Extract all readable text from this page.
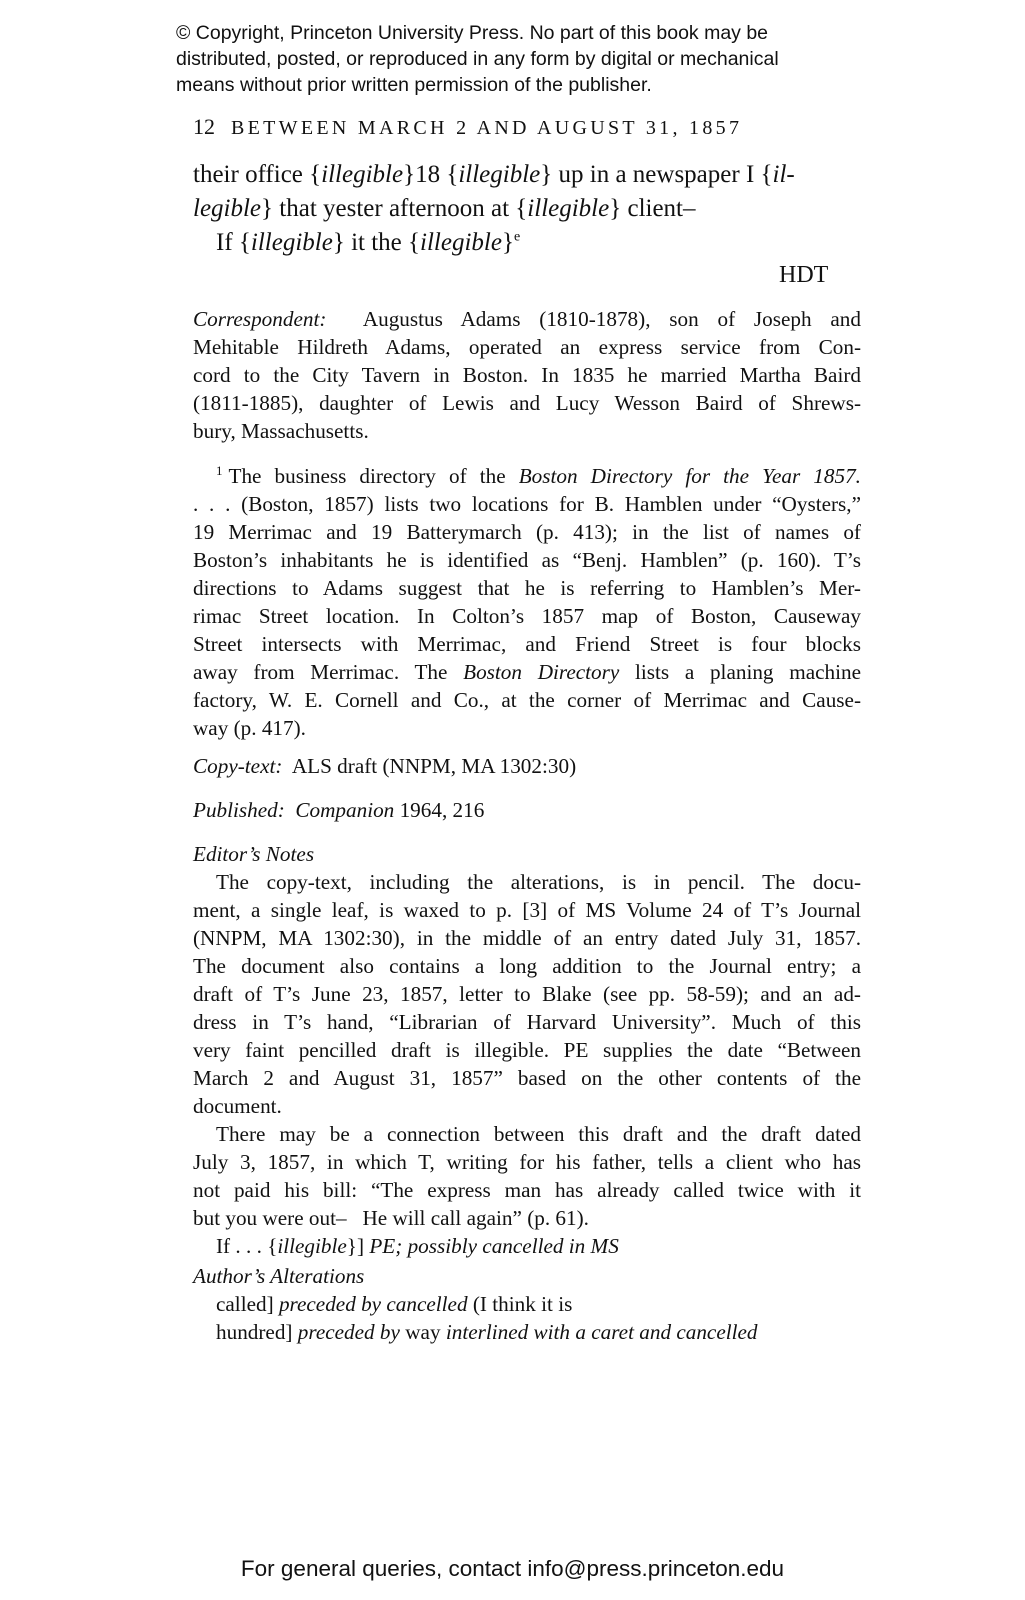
© Copyright, Princeton University Press. No part of this book may be
distributed, posted, or reproduced in any form by digital or mechanical
means without prior written permission of the publisher.
12 BETWEEN MARCH 2 AND AUGUST 31, 1857
their office {illegible}18 {illegible} up in a newspaper I {il-
legible} that yester afternoon at {illegible} client–
If {illegible} it the {illegible}$^e$
HDT
Correspondent: Augustus Adams (1810-1878), son of Joseph and
Mehitable Hildreth Adams, operated an express service from Con-
cord to the City Tavern in Boston. In 1835 he married Martha Baird
(1811-1885), daughter of Lewis and Lucy Wesson Baird of Shrews-
bury, Massachusetts.
$^1$ The business directory of the Boston Directory for the Year 1857.
. . . (Boston, 1857) lists two locations for B. Hamblen under “Oysters,”
19 Merrimac and 19 Batterymarch (p. 413); in the list of names of
Boston’s inhabitants he is identified as “Benj. Hamblen” (p. 160). T’s
directions to Adams suggest that he is referring to Hamblen’s Mer-
rimac Street location. In Colton’s 1857 map of Boston, Causeway
Street intersects with Merrimac, and Friend Street is four blocks
away from Merrimac. The Boston Directory lists a planing machine
factory, W. E. Cornell and Co., at the corner of Merrimac and Cause-
way (p. 417).
Copy-text: ALS draft (NNPM, MA 1302:30)
Published: Companion 1964, 216
Editor’s Notes
The copy-text, including the alterations, is in pencil. The docu-
ment, a single leaf, is waxed to p. [3] of MS Volume 24 of T’s Journal
(NNPM, MA 1302:30), in the middle of an entry dated July 31, 1857.
The document also contains a long addition to the Journal entry; a
draft of T’s June 23, 1857, letter to Blake (see pp. 58-59); and an ad-
dress in T’s hand, “Librarian of Harvard University”. Much of this
very faint pencilled draft is illegible. PE supplies the date “Between
March 2 and August 31, 1857” based on the other contents of the
document.
There may be a connection between this draft and the draft dated
July 3, 1857, in which T, writing for his father, tells a client who has
not paid his bill: “The express man has already called twice with it
but you were out–   He will call again” (p. 61).
If . . . {illegible}] PE; possibly cancelled in MS
Author’s Alterations
called] preceded by cancelled (I think it is
hundred] preceded by way interlined with a caret and cancelled
For general queries, contact info@press.princeton.edu
